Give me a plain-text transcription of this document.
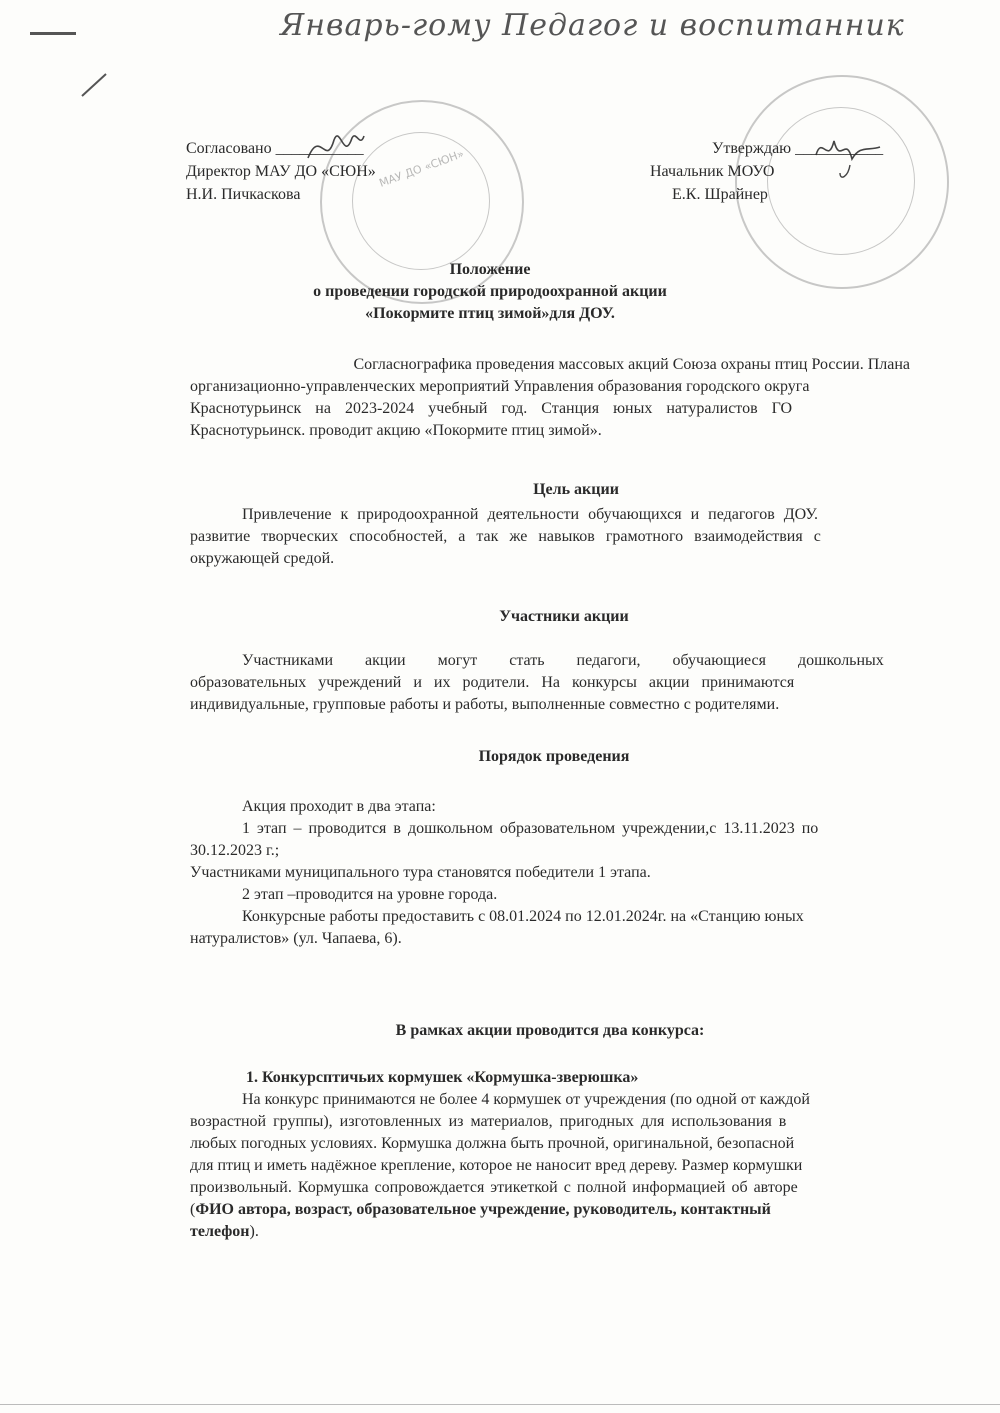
Январь-гому Педагог и воспитанник
МАУ ДО «СЮН»
Согласовано ___________
Директор МАУ ДО «СЮН»
Н.И. Пичкаскова
Утверждаю ___________
Начальник МОУО
Е.К. Шрайнер
Положение
о проведении городской природоохранной акции
«Покормите птиц зимой»для ДОУ.
Согласнографика проведения массовых акций Союза охраны птиц России. Плана
организационно-управленческих мероприятий Управления образования городского округа
Краснотурьинск на 2023-2024 учебный год. Станция юных натуралистов ГО
Краснотурьинск. проводит акцию «Покормите птиц зимой».
Цель акции
Привлечение к природоохранной деятельности обучающихся и педагогов ДОУ.
развитие творческих способностей, а так же навыков грамотного взаимодействия с
окружающей средой.
Участники акции
Участниками акции могут стать педагоги, обучающиеся дошкольных
образовательных учреждений и их родители. На конкурсы акции принимаются
индивидуальные, групповые работы и работы, выполненные совместно с родителями.
Порядок проведения
Акция проходит в два этапа:
1 этап – проводится в дошкольном образовательном учреждении,с 13.11.2023 по
30.12.2023 г.;
Участниками муниципального тура становятся победители 1 этапа.
2 этап –проводится на уровне города.
Конкурсные работы предоставить с 08.01.2024 по 12.01.2024г. на «Станцию юных
натуралистов» (ул. Чапаева, 6).
В рамках акции проводится два конкурса:
1. Конкурсптичьих кормушек «Кормушка-зверюшка»
На конкурс принимаются не более 4 кормушек от учреждения (по одной от каждой
возрастной группы), изготовленных из материалов, пригодных для использования в
любых погодных условиях. Кормушка должна быть прочной, оригинальной, безопасной
для птиц и иметь надёжное крепление, которое не наносит вред дереву. Размер кормушки
произвольный. Кормушка сопровождается этикеткой с полной информацией об авторе
(ФИО автора, возраст, образовательное учреждение, руководитель, контактный
телефон).
